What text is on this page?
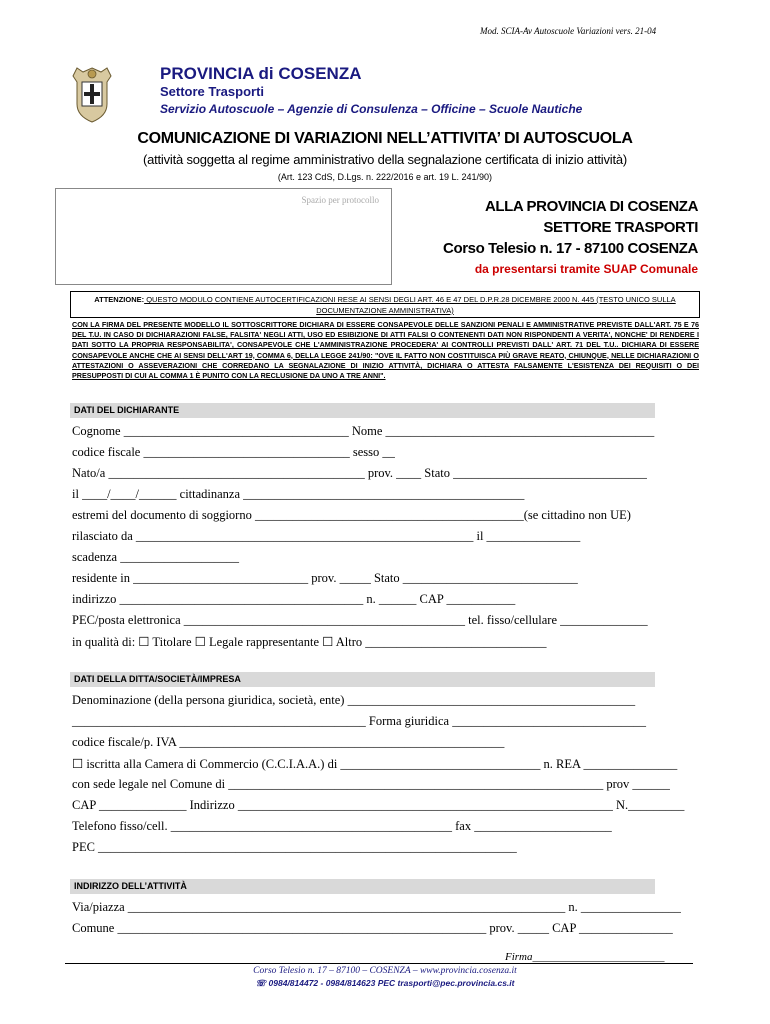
Mod. SCIA-Av Autoscuole Variazioni vers. 21-04
PROVINCIA di COSENZA
Settore Trasporti
Servizio Autoscuole – Agenzie di Consulenza – Officine – Scuole Nautiche
COMUNICAZIONE DI VARIAZIONI NELL’ATTIVITA’ DI AUTOSCUOLA
(attività soggetta al regime amministrativo della segnalazione certificata di inizio attività)
(Art. 123 CdS, D.Lgs. n. 222/2016 e art. 19 L. 241/90)
Spazio per protocollo	ALLA PROVINCIA DI COSENZA
SETTORE TRASPORTI
Corso Telesio n. 17 - 87100 COSENZA
da presentarsi tramite SUAP Comunale
ATTENZIONE: QUESTO MODULO CONTIENE AUTOCERTIFICAZIONI RESE AI SENSI DEGLI ART. 46 E 47 DEL D.P.R.28 DICEMBRE 2000 N. 445 (TESTO UNICO SULLA DOCUMENTAZIONE AMMINISTRATIVA)
CON LA FIRMA DEL PRESENTE MODELLO IL SOTTOSCRITTORE DICHIARA DI ESSERE CONSAPEVOLE DELLE SANZIONI PENALI E AMMINISTRATIVE PREVISTE DALL'ART. 75 E 76 DEL T.U. IN CASO DI DICHIARAZIONI FALSE, FALSITA' NEGLI ATTI, USO ED ESIBIZIONE DI ATTI FALSI O CONTENENTI DATI NON RISPONDENTI A VERITA', NONCHE' DI RENDERE I DATI SOTTO LA PROPRIA RESPONSABILITA', CONSAPEVOLE CHE L'AMMINISTRAZIONE PROCEDERA' AI CONTROLLI PREVISTI DALL' ART. 71 DEL T.U.. DICHIARA DI ESSERE CONSAPEVOLE ANCHE CHE AI SENSI DELL'ART 19, COMMA 6, DELLA LEGGE 241/90: "OVE IL FATTO NON COSTITUISCA PIÙ GRAVE REATO, CHIUNQUE, NELLE DICHIARAZIONI O ATTESTAZIONI O ASSEVERAZIONI CHE CORREDANO LA SEGNALAZIONE DI INIZIO ATTIVITÀ, DICHIARA O ATTESTA FALSAMENTE L'ESISTENZA DEI REQUISITI O DEI PRESUPPOSTI DI CUI AL COMMA 1 È PUNITO CON LA RECLUSIONE DA UNO A TRE ANNI".
DATI DEL DICHIARANTE
Cognome ____________________________________ Nome ___________________________________________
codice fiscale _________________________________ sesso __
Nato/a _________________________________________ prov. ____ Stato _______________________________
il ____/____/______ cittadinanza _____________________________________________
estremi del documento di soggiorno ___________________________________________(se cittadino non UE)
rilasciato da ______________________________________________________ il _______________
scadenza ___________________
residente in ____________________________ prov. _____ Stato ____________________________
indirizzo _______________________________________ n. ______ CAP ___________
PEC/posta elettronica _____________________________________________ tel. fisso/cellulare ______________
in qualità di: ☐ Titolare ☐ Legale rappresentante ☐ Altro _____________________________
DATI DELLA DITTA/SOCIETÀ/IMPRESA
Denominazione (della persona giuridica, società, ente) ______________________________________________
_______________________________________________ Forma giuridica _______________________________
codice fiscale/p. IVA ____________________________________________________
☐ iscritta alla Camera di Commercio (C.C.I.A.A.) di ________________________________ n. REA _______________
con sede legale nel Comune di ____________________________________________________________ prov ______
CAP ______________ Indirizzo ____________________________________________________________ N._________
Telefono fisso/cell. _____________________________________________ fax ______________________
PEC ___________________________________________________________________
INDIRIZZO DELL’ATTIVITÀ
Via/piazza ______________________________________________________________________ n. ________________
Comune ___________________________________________________________ prov. _____ CAP _______________
Firma________________________
Corso Telesio n. 17 – 87100 – COSENZA – www.provincia.cosenza.it
☏ 0984/814472 - 0984/814623 PEC trasporti@pec.provincia.cs.it
